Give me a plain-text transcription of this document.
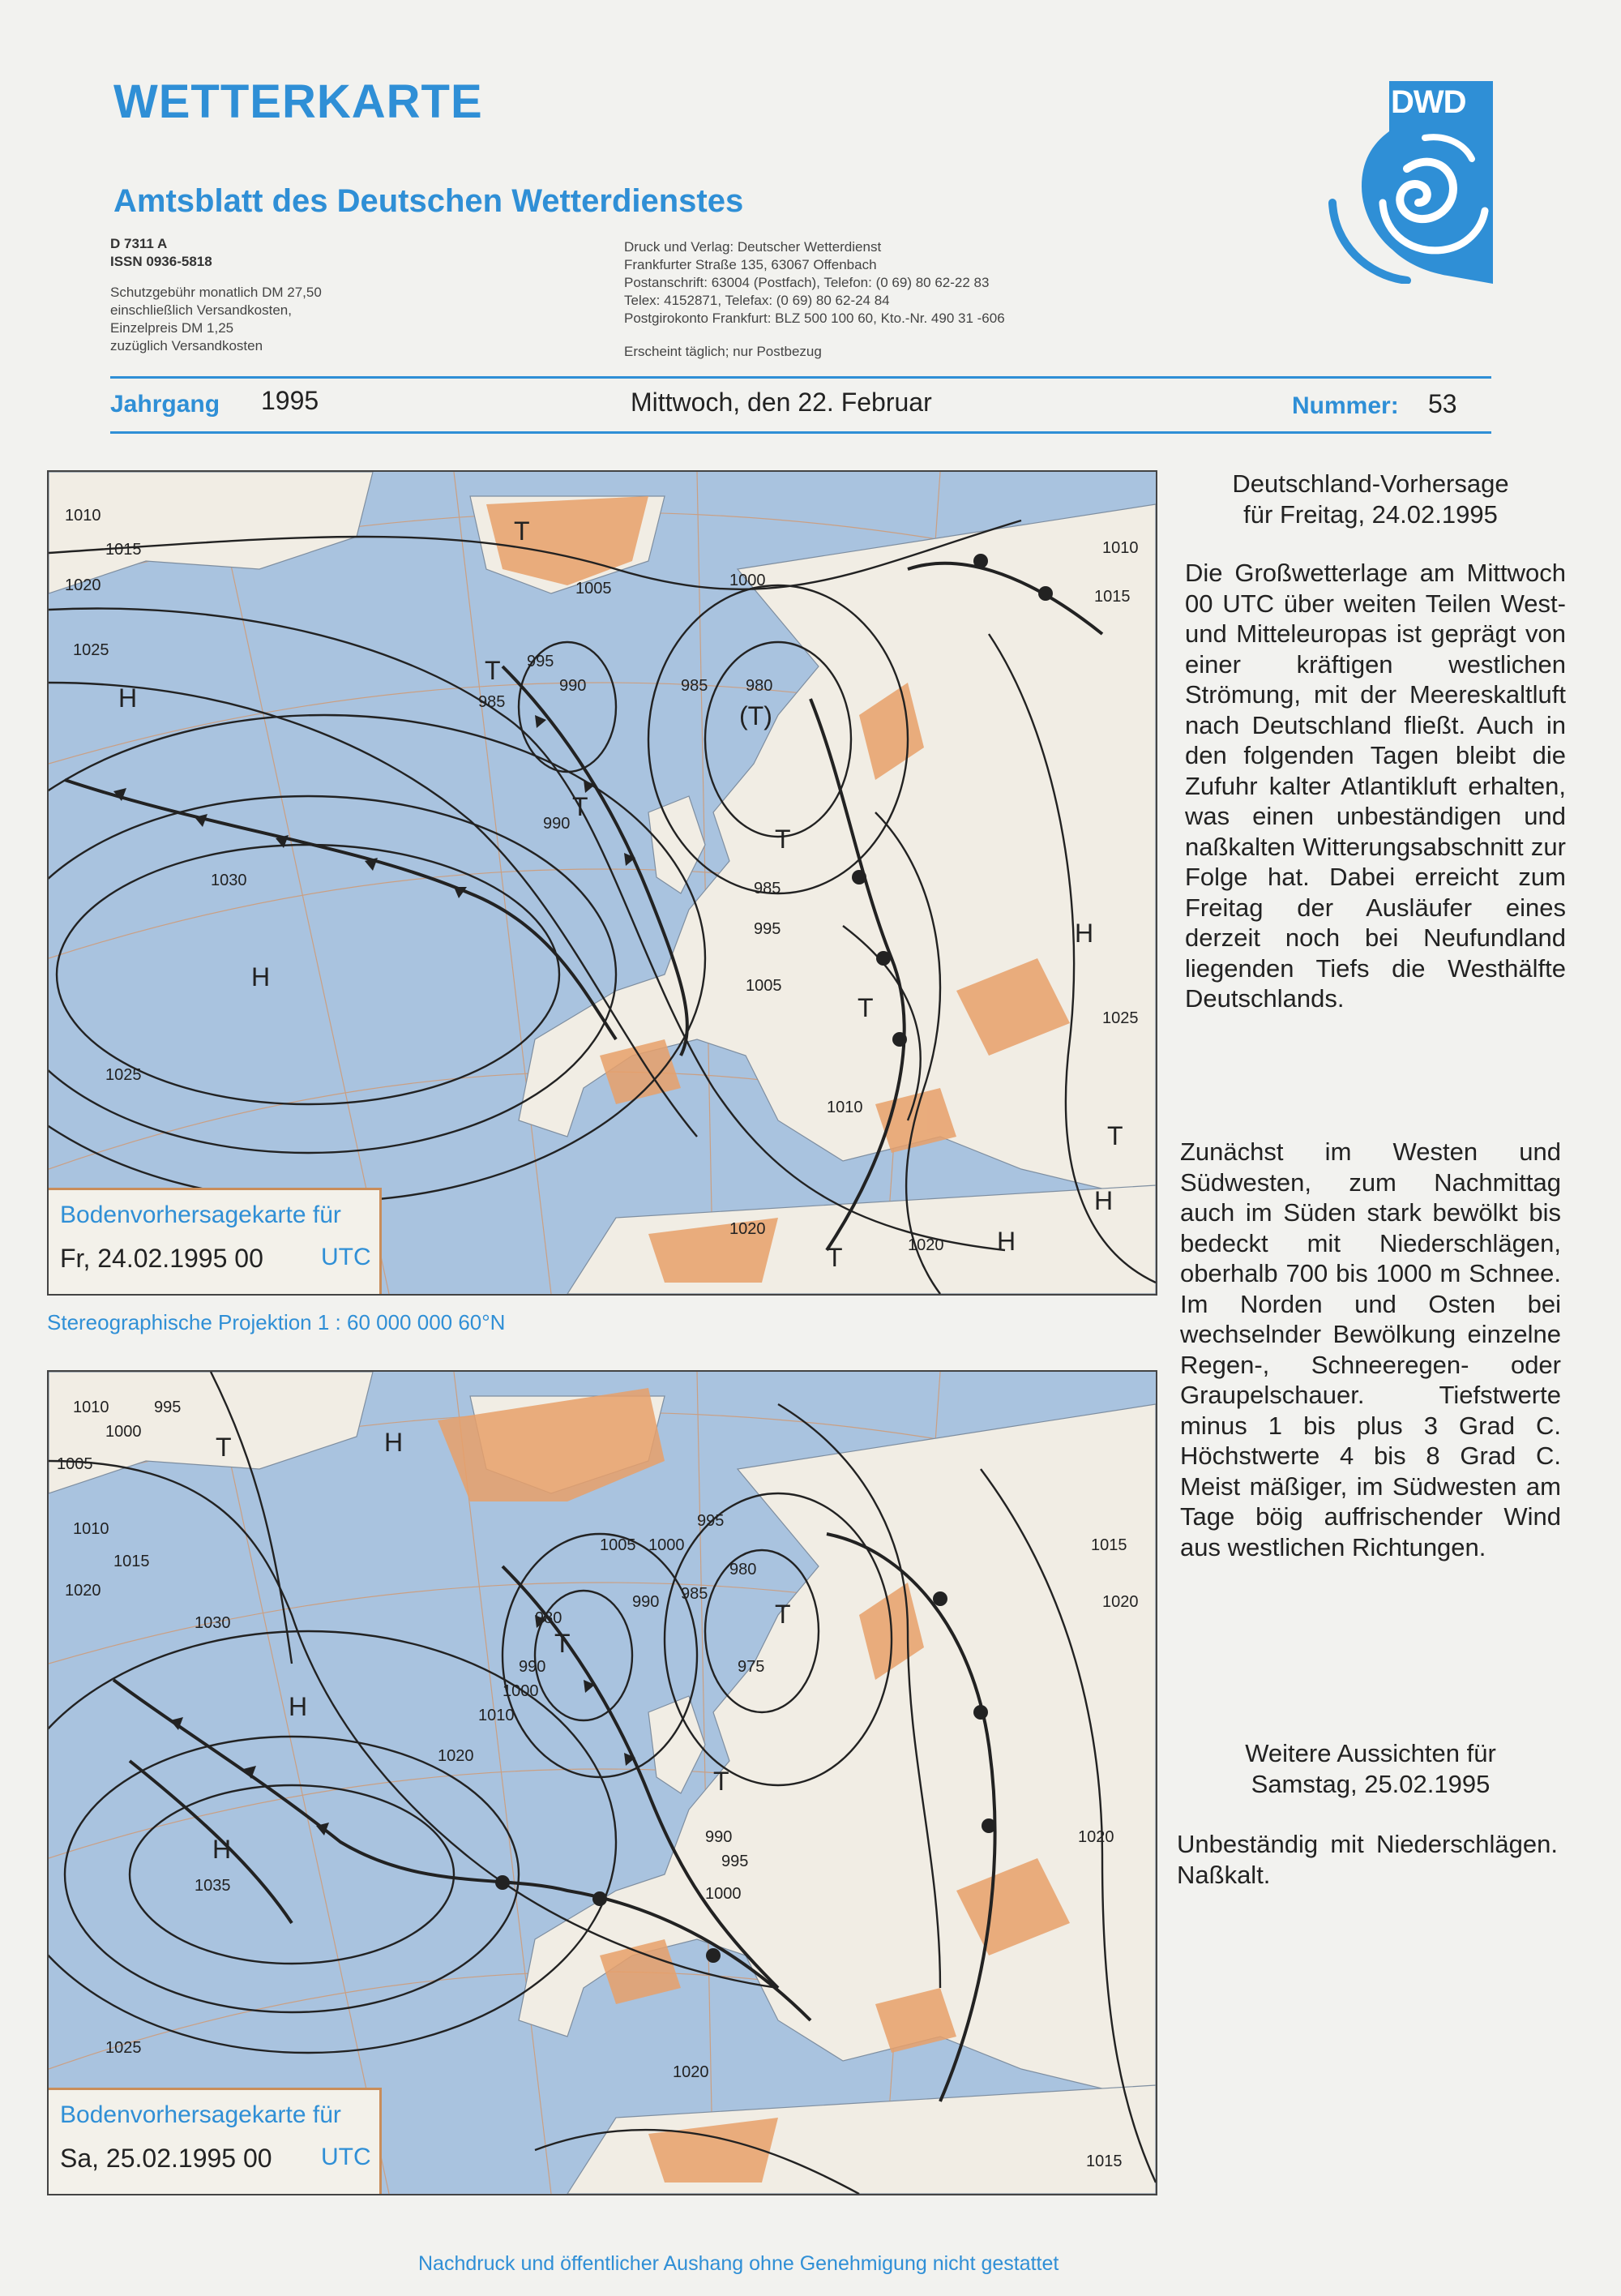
WETTERKARTE
Amtsblatt des Deutschen Wetterdienstes
D 7311 A
ISSN 0936-5818
Schutzgebühr monatlich DM 27,50
einschließlich Versandkosten,
Einzelpreis DM 1,25
zuzüglich Versandkosten
Druck und Verlag: Deutscher Wetterdienst
Frankfurter Straße 135, 63067 Offenbach
Postanschrift: 63004 (Postfach), Telefon: (0 69) 80 62-22 83
Telex: 4152871, Telefax: (0 69) 80 62-24 84
Postgirokonto Frankfurt: BLZ 500 100 60, Kto.-Nr. 490 31 -606
Erscheint täglich; nur Postbezug
DWD
Jahrgang 1995	Mittwoch, den 22. Februar	Nummer: 53
1010
1015
1020
1025
1030
1025
1005
995
990
985
1000
985 980
990
985
995
1005
1010
1020
1020
1025
1015
1010
T
T
(T)
T
T
T
H
H
H
H
H
T
T
Bodenvorhersagekarte für
Fr, 24.02.1995 00 UTC
Stereographische Projektion 1 : 60 000 000 60°N
1010
1000
995
1005
1010
1015
1020
1030
1035
1025
1020
1010
1000
990
980
1005 1000
995
990 985
980
975
990
995
1000
1020
1015
1020
1020
1015
T	H
H
H
T
T
T
Bodenvorhersagekarte für
Sa, 25.02.1995 00 UTC
Deutschland-Vorhersage
für Freitag, 24.02.1995
Die Großwetterlage am Mittwoch 00 UTC über weiten Teilen West- und Mitteleuropas ist geprägt von einer kräftigen westlichen Strömung, mit der Meereskaltluft nach Deutschland fließt. Auch in den folgenden Tagen bleibt die Zufuhr kalter Atlantikluft erhalten, was einen unbeständigen und naßkalten Witterungsabschnitt zur Folge hat. Dabei erreicht zum Freitag der Ausläufer eines derzeit noch bei Neufundland liegenden Tiefs die Westhälfte Deutschlands.
Zunächst im Westen und Südwesten, zum Nachmittag auch im Süden stark bewölkt bis bedeckt mit Niederschlägen, oberhalb 700 bis 1000 m Schnee. Im Norden und Osten bei wechselnder Bewölkung einzelne Regen-, Schneeregen- oder Graupelschauer. Tiefstwerte minus 1 bis plus 3 Grad C. Höchstwerte 4 bis 8 Grad C. Meist mäßiger, im Südwesten am Tage böig auffrischender Wind aus westlichen Richtungen.
Weitere Aussichten für
Samstag, 25.02.1995
Unbeständig mit Niederschlägen. Naßkalt.
Nachdruck und öffentlicher Aushang ohne Genehmigung nicht gestattet
